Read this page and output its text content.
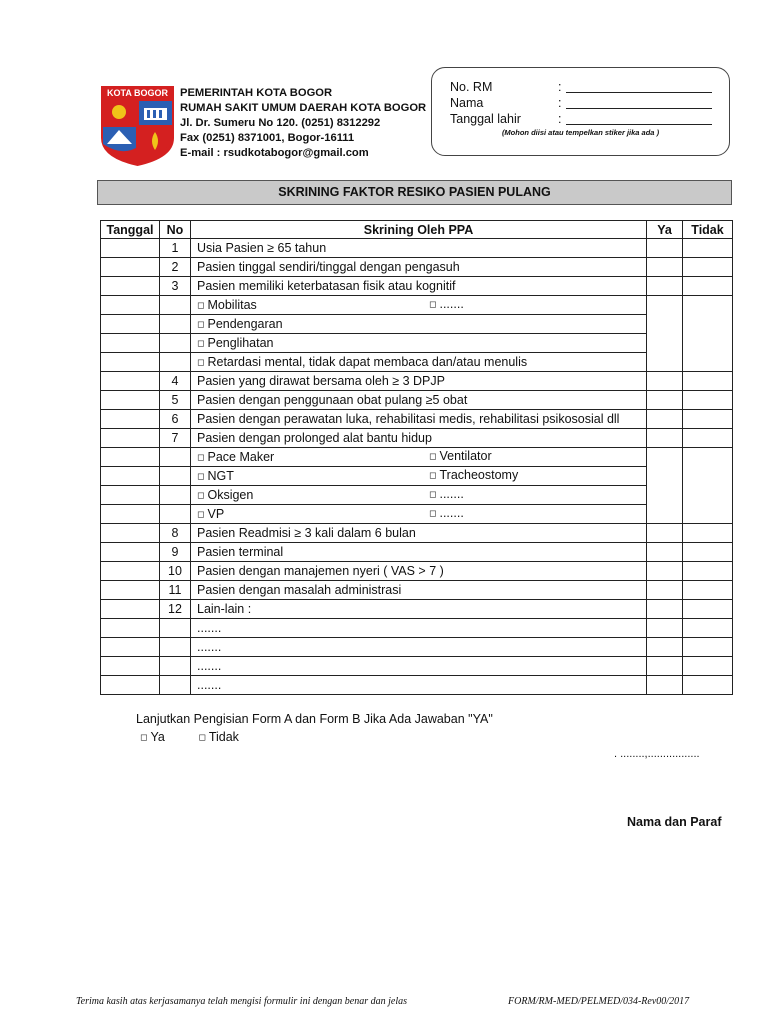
KOTA BOGOR PEMERINTAH KOTA BOGOR
RUMAH SAKIT UMUM DAERAH KOTA BOGOR
Jl. Dr. Sumeru No 120. (0251) 8312292
Fax (0251) 8371001, Bogor-16111
E-mail : rsudkotabogor@gmail.com
No. RM	:
Nama	:
Tanggal lahir	:
(Mohon diisi atau tempelkan stiker jika ada )
SKRINING FAKTOR RESIKO PASIEN PULANG
Tanggal	No	Skrining Oleh PPA	Ya	Tidak
	1	Usia Pasien ≥ 65 tahun		
	2	Pasien tinggal sendiri/tinggal dengan pengasuh		
	3	Pasien memiliki keterbatasan fisik atau kognitif		
		◻ Mobilitas ◻ .......		

		◻ Pendengaran		
		◻ Penglihatan		
		◻ Retardasi mental, tidak dapat membaca dan/atau menulis		
	4	Pasien yang dirawat bersama oleh ≥ 3 DPJP		
	5	Pasien dengan penggunaan obat pulang ≥5 obat		
	6	Pasien dengan perawatan luka, rehabilitasi medis, rehabilitasi psikososial dll		
	7	Pasien dengan prolonged alat bantu hidup		
		◻ Pace Maker ◻ Ventilator		

		◻ NGT ◻ Tracheostomy		

		◻ Oksigen ◻ .......		

		◻ VP ◻ .......		

	8	Pasien Readmisi ≥ 3 kali dalam 6 bulan		
	9	Pasien terminal		
	10	Pasien dengan manajemen nyeri ( VAS > 7 )		
	11	Pasien dengan masalah administrasi		
	12	Lain-lain :		
		.......		
		.......		
		.......		
		.......		
Lanjutkan Pengisian Form A dan Form B Jika Ada Jawaban "YA"
◻ Ya	◻ Tidak
. ........,.................
Nama dan Paraf
Terima kasih atas kerjasamanya telah mengisi formulir ini dengan benar dan jelas	FORM/RM-MED/PELMED/034-Rev00/2017
